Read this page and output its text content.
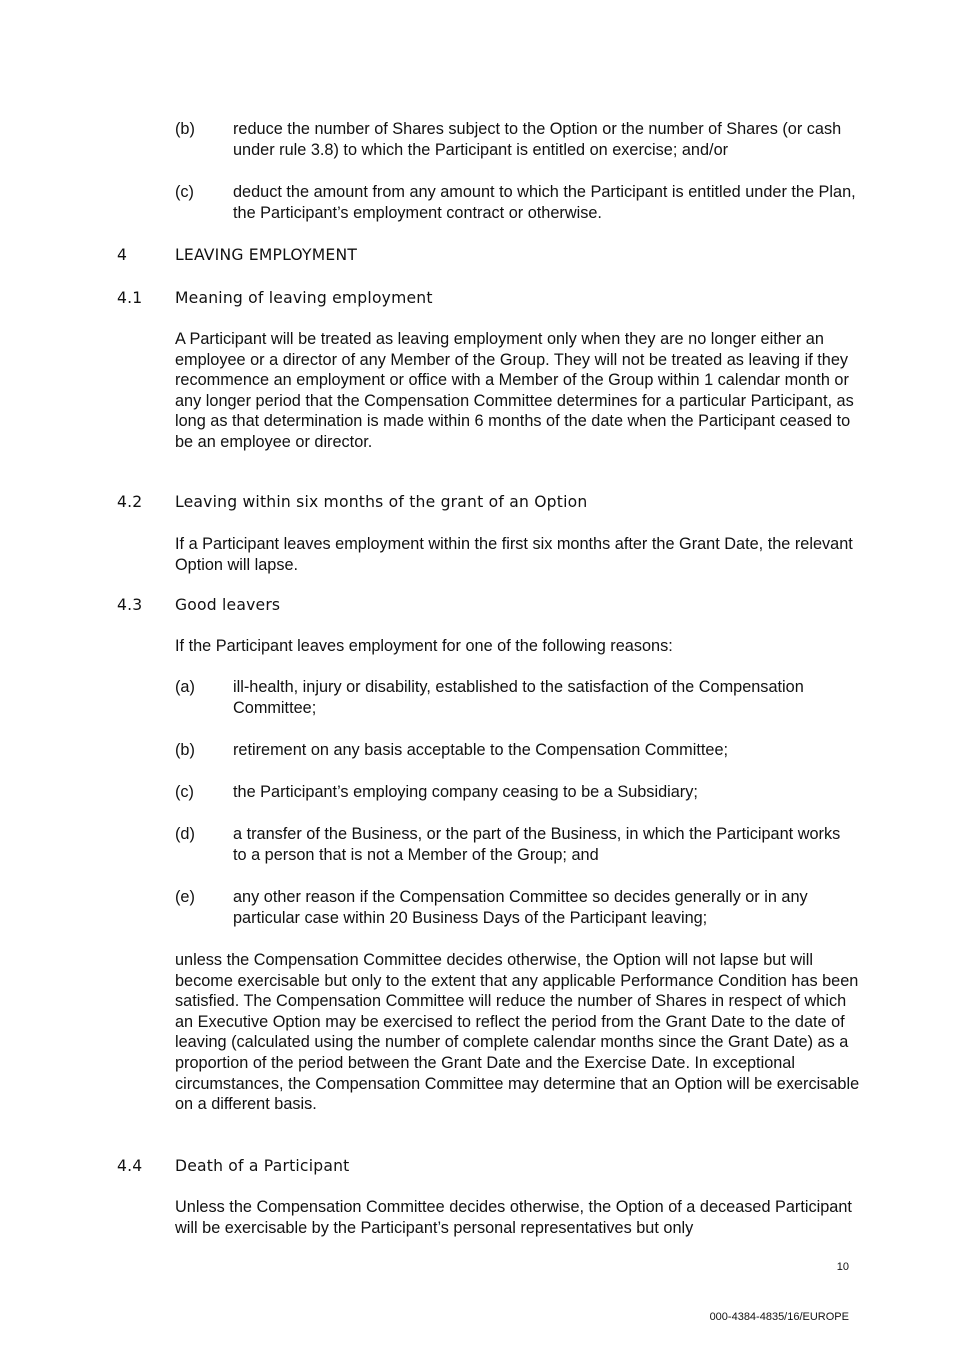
(b) reduce the number of Shares subject to the Option or the number of Shares (or cash under rule 3.8) to which the Participant is entitled on exercise; and/or

(c) deduct the amount from any amount to which the Participant is entitled under the Plan, the Participant’s employment contract or otherwise.

4	LEAVING EMPLOYMENT
4.1 Meaning of leaving employment

A Participant will be treated as leaving employment only when they are no longer either an employee or a director of any Member of the Group. They will not be treated as leaving if they recommence an employment or office with a Member of the Group within 1 calendar month or any longer period that the Compensation Committee determines for a particular Participant, as long as that determination is made within 6 months of the date when the Participant ceased to be an employee or director.

4.2 Leaving within six months of the grant of an Option

If a Participant leaves employment within the first six months after the Grant Date, the relevant Option will lapse.

4.3 Good leavers

If the Participant leaves employment for one of the following reasons:

(a) ill-health, injury or disability, established to the satisfaction of the Compensation Committee;

(b) retirement on any basis acceptable to the Compensation Committee;

(c) the Participant’s employing company ceasing to be a Subsidiary;

(d) a transfer of the Business, or the part of the Business, in which the Participant works to a person that is not a Member of the Group; and

(e) any other reason if the Compensation Committee so decides generally or in any particular case within 20 Business Days of the Participant leaving;

unless the Compensation Committee decides otherwise, the Option will not lapse but will become exercisable but only to the extent that any applicable Performance Condition has been satisfied. The Compensation Committee will reduce the number of Shares in respect of which an Executive Option may be exercised to reflect the period from the Grant Date to the date of leaving (calculated using the number of complete calendar months since the Grant Date) as a proportion of the period between the Grant Date and the Exercise Date. In exceptional circumstances, the Compensation Committee may determine that an Option will be exercisable on a different basis.

4.4 Death of a Participant

Unless the Compensation Committee decides otherwise, the Option of a deceased Participant will be exercisable by the Participant’s personal representatives but only

10
000-4384-4835/16/EUROPE
